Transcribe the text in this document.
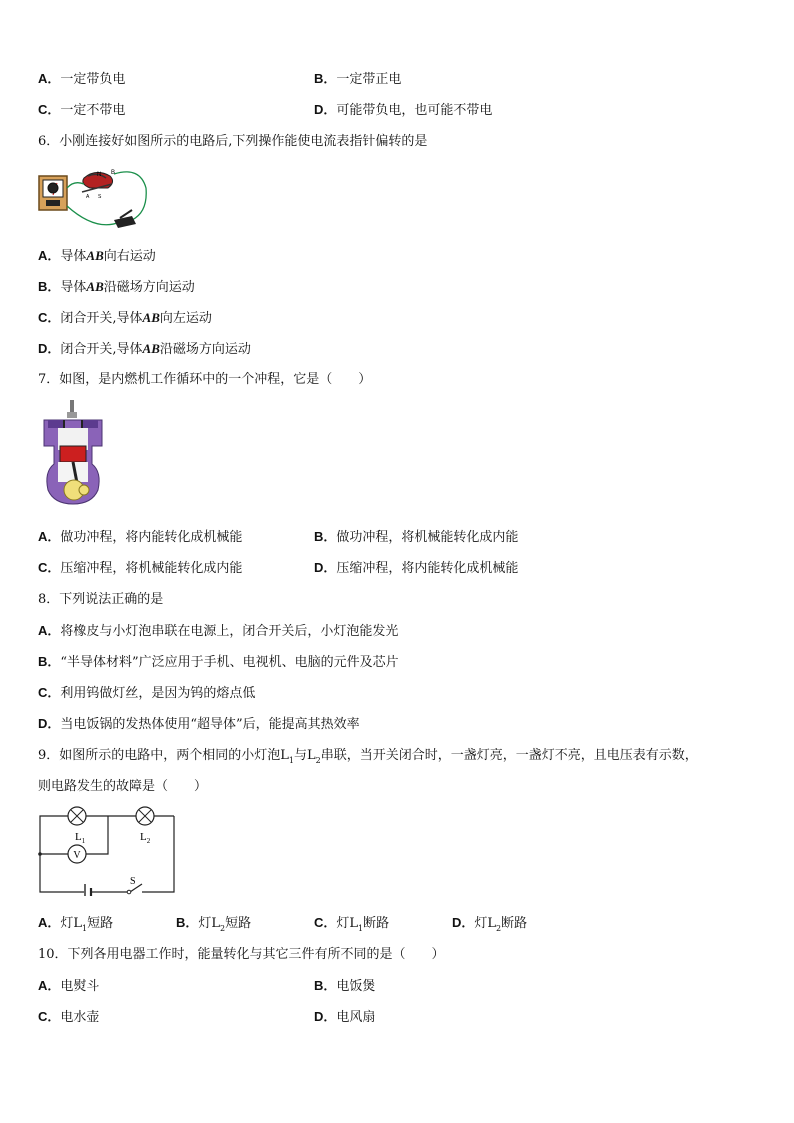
A．一定带负电	B．一定带正电
C．一定不带电	D．可能带负电，也可能不带电
6．小刚连接好如图所示的电路后,下列操作能使电流表指针偏转的是
N B
A S
A．导体AB向右运动
B．导体AB沿磁场方向运动
C．闭合开关,导体AB向左运动
D．闭合开关,导体AB沿磁场方向运动
7．如图，是内燃机工作循环中的一个冲程，它是（　　）
A．做功冲程，将内能转化成机械能	B．做功冲程，将机械能转化成内能
C．压缩冲程，将机械能转化成内能	D．压缩冲程，将内能转化成机械能
8．下列说法正确的是
A．将橡皮与小灯泡串联在电源上，闭合开关后，小灯泡能发光
B．“半导体材料”广泛应用于手机、电视机、电脑的元件及芯片
C．利用钨做灯丝，是因为钨的熔点低
D．当电饭锅的发热体使用“超导体”后，能提高其热效率
9．如图所示的电路中，两个相同的小灯泡$L_1$与$L_2$串联，当开关闭合时，一盏灯亮，一盏灯不亮，且电压表有示数，
则电路发生的故障是（　　）
V
$L_1$	$L_2$
S
A．灯$L_1$短路	B．灯$L_2$短路	C．灯$L_1$断路	D．灯$L_2$断路
10．下列各用电器工作时，能量转化与其它三件有所不同的是（　　）
A．电熨斗	B．电饭煲
C．电水壶	D．电风扇
